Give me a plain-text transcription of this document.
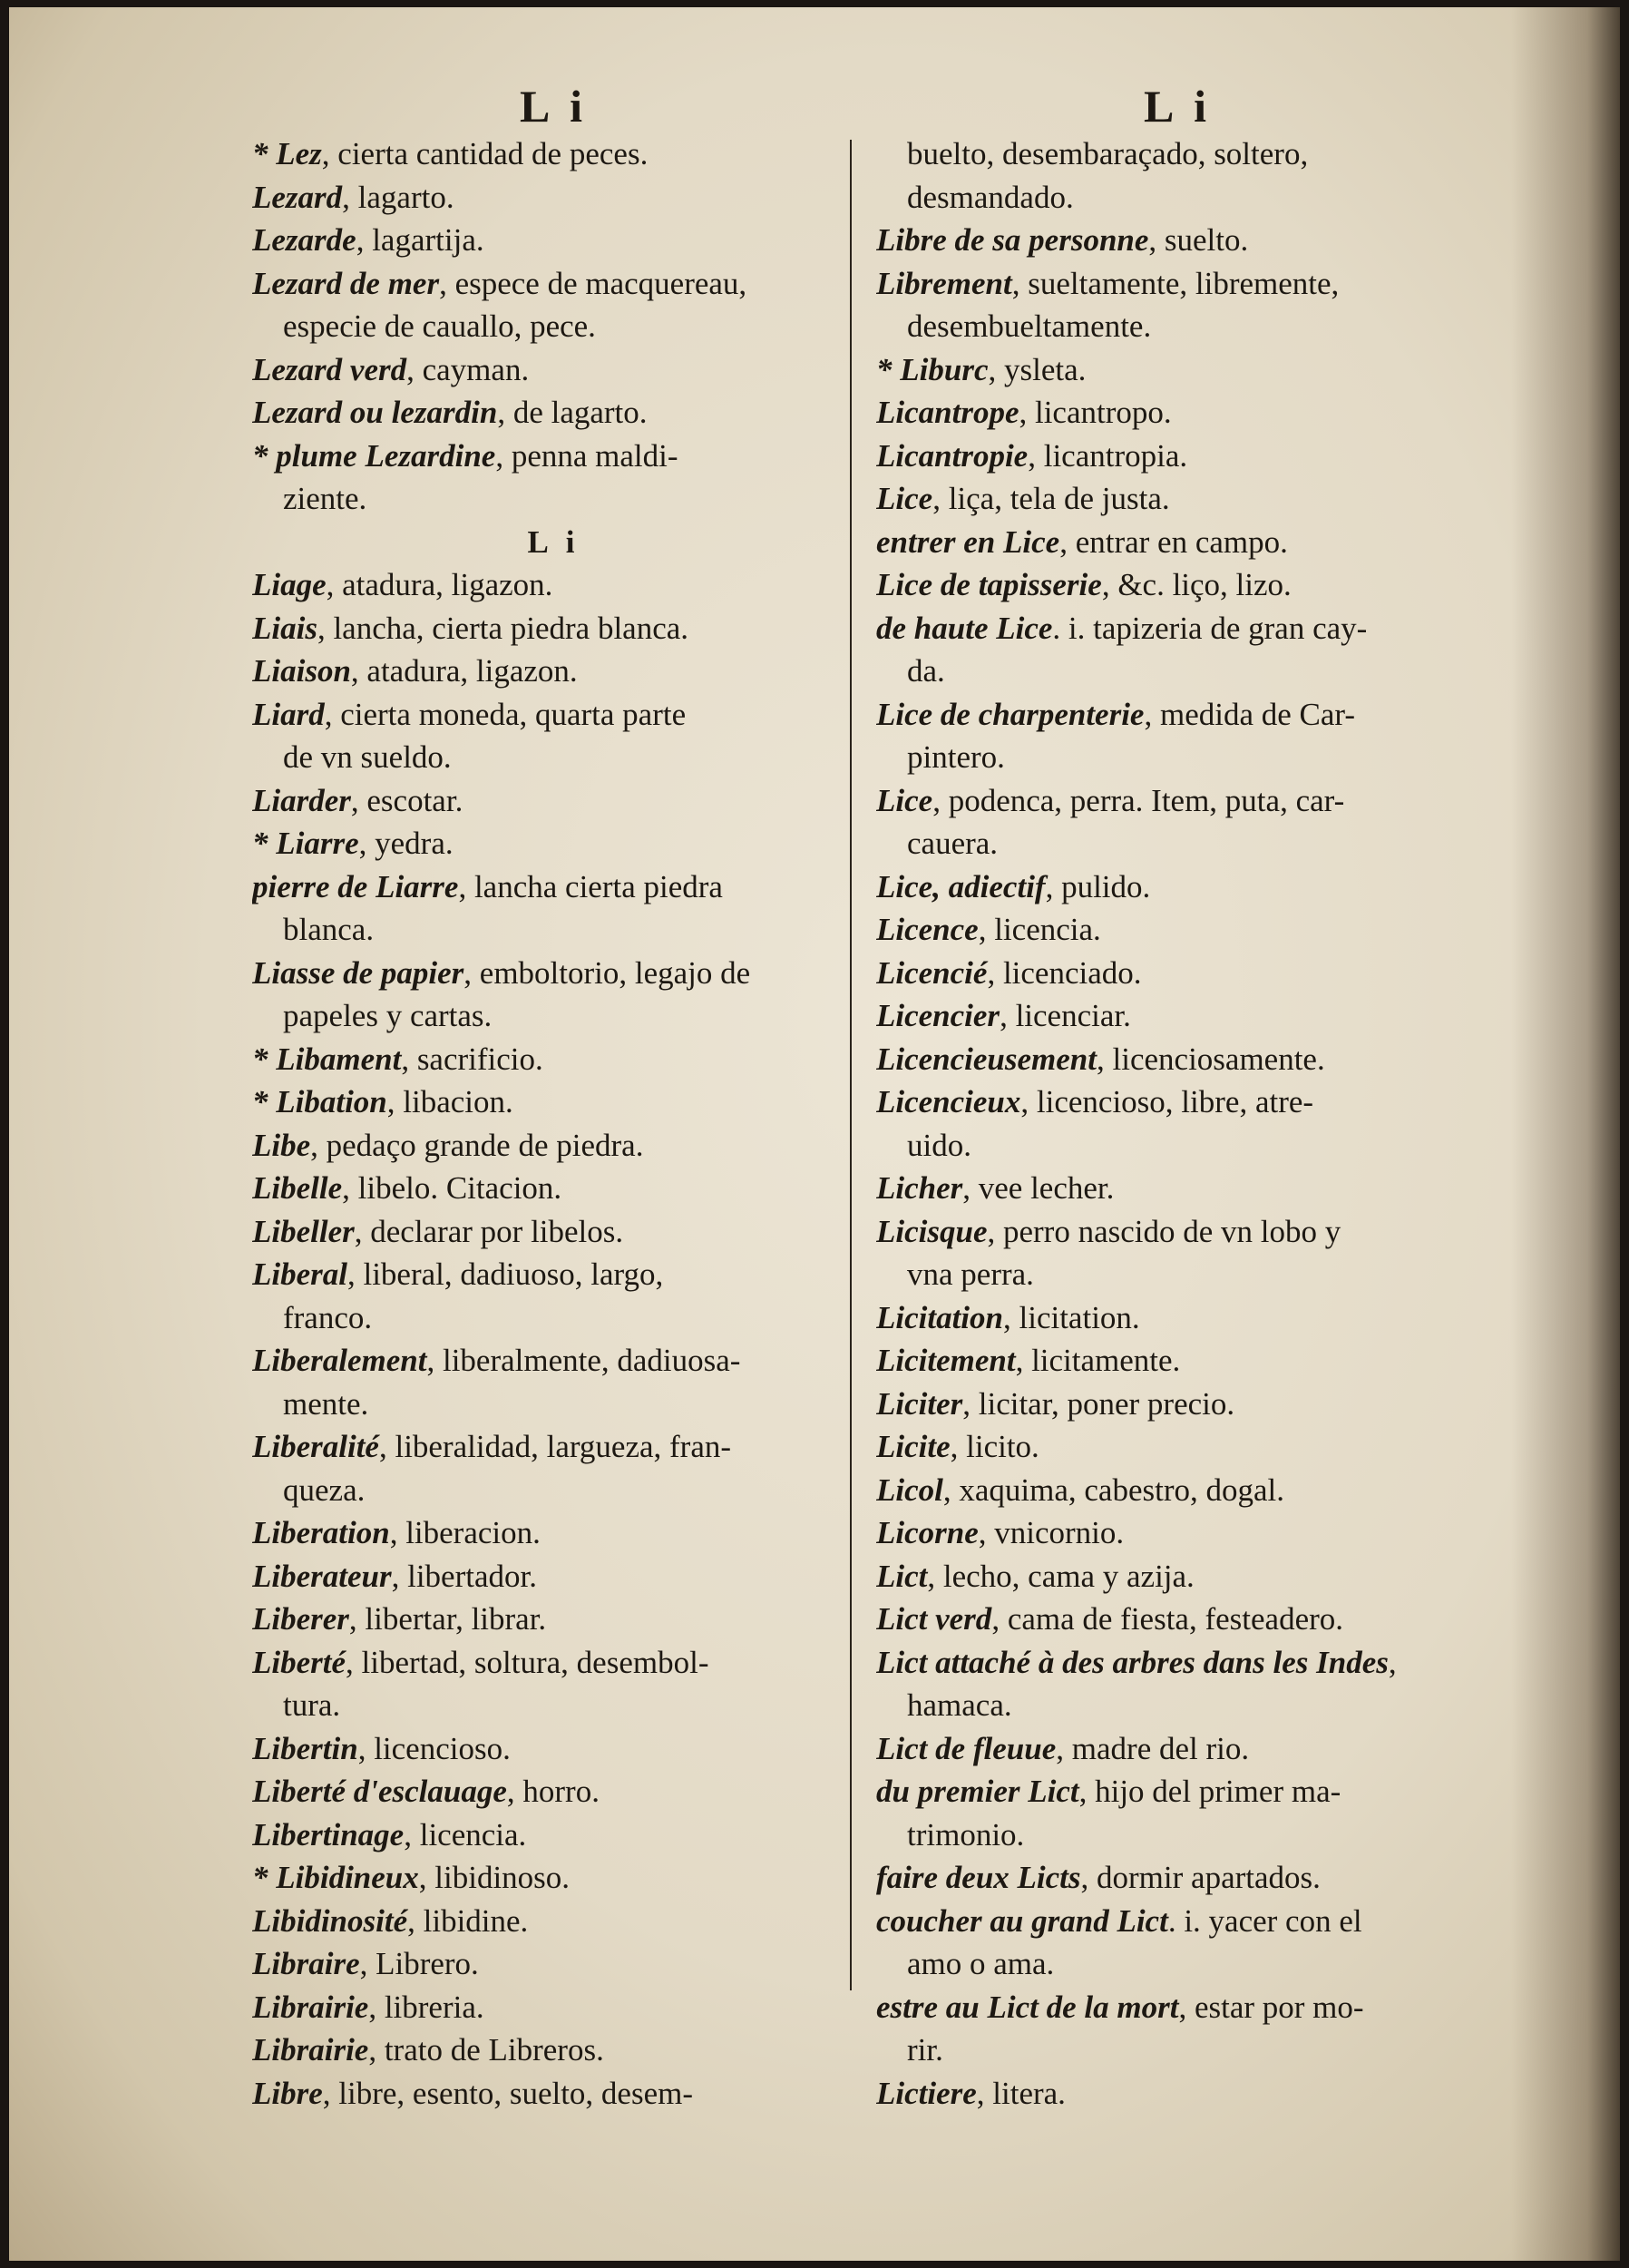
L i
* Lez, cierta cantidad de peces.
Lezard, lagarto.
Lezarde, lagartija.
Lezard de mer, espece de macquereau,
especie de cauallo, pece.
Lezard verd, cayman.
Lezard ou lezardin, de lagarto.
* plume Lezardine, penna maldi-
ziente.
L i
Liage, atadura, ligazon.
Liais, lancha, cierta piedra blanca.
Liaison, atadura, ligazon.
Liard, cierta moneda, quarta parte
de vn sueldo.
Liarder, escotar.
* Liarre, yedra.
pierre de Liarre, lancha cierta piedra
blanca.
Liasse de papier, emboltorio, legajo de
papeles y cartas.
* Libament, sacrificio.
* Libation, libacion.
Libe, pedaço grande de piedra.
Libelle, libelo. Citacion.
Libeller, declarar por libelos.
Liberal, liberal, dadiuoso, largo,
franco.
Liberalement, liberalmente, dadiuosa-
mente.
Liberalité, liberalidad, largueza, fran-
queza.
Liberation, liberacion.
Liberateur, libertador.
Liberer, libertar, librar.
Liberté, libertad, soltura, desembol-
tura.
Libertin, licencioso.
Liberté d'esclauage, horro.
Libertinage, licencia.
* Libidineux, libidinoso.
Libidinosité, libidine.
Libraire, Librero.
Librairie, libreria.
Librairie, trato de Libreros.
Libre, libre, esento, suelto, desem-
L i
buelto, desembaraçado, soltero,
desmandado.
Libre de sa personne, suelto.
Librement, sueltamente, libremente,
desembueltamente.
* Liburc, ysleta.
Licantrope, licantropo.
Licantropie, licantropia.
Lice, liça, tela de justa.
entrer en Lice, entrar en campo.
Lice de tapisserie, &c. liço, lizo.
de haute Lice. i. tapizeria de gran cay-
da.
Lice de charpenterie, medida de Car-
pintero.
Lice, podenca, perra. Item, puta, car-
cauera.
Lice, adiectif, pulido.
Licence, licencia.
Licencié, licenciado.
Licencier, licenciar.
Licencieusement, licenciosamente.
Licencieux, licencioso, libre, atre-
uido.
Licher, vee lecher.
Licisque, perro nascido de vn lobo y
vna perra.
Licitation, licitation.
Licitement, licitamente.
Liciter, licitar, poner precio.
Licite, licito.
Licol, xaquima, cabestro, dogal.
Licorne, vnicornio.
Lict, lecho, cama y azija.
Lict verd, cama de fiesta, festeadero.
Lict attaché à des arbres dans les Indes,
hamaca.
Lict de fleuue, madre del rio.
du premier Lict, hijo del primer ma-
trimonio.
faire deux Licts, dormir apartados.
coucher au grand Lict. i. yacer con el
amo o ama.
estre au Lict de la mort, estar por mo-
rir.
Lictiere, litera.
